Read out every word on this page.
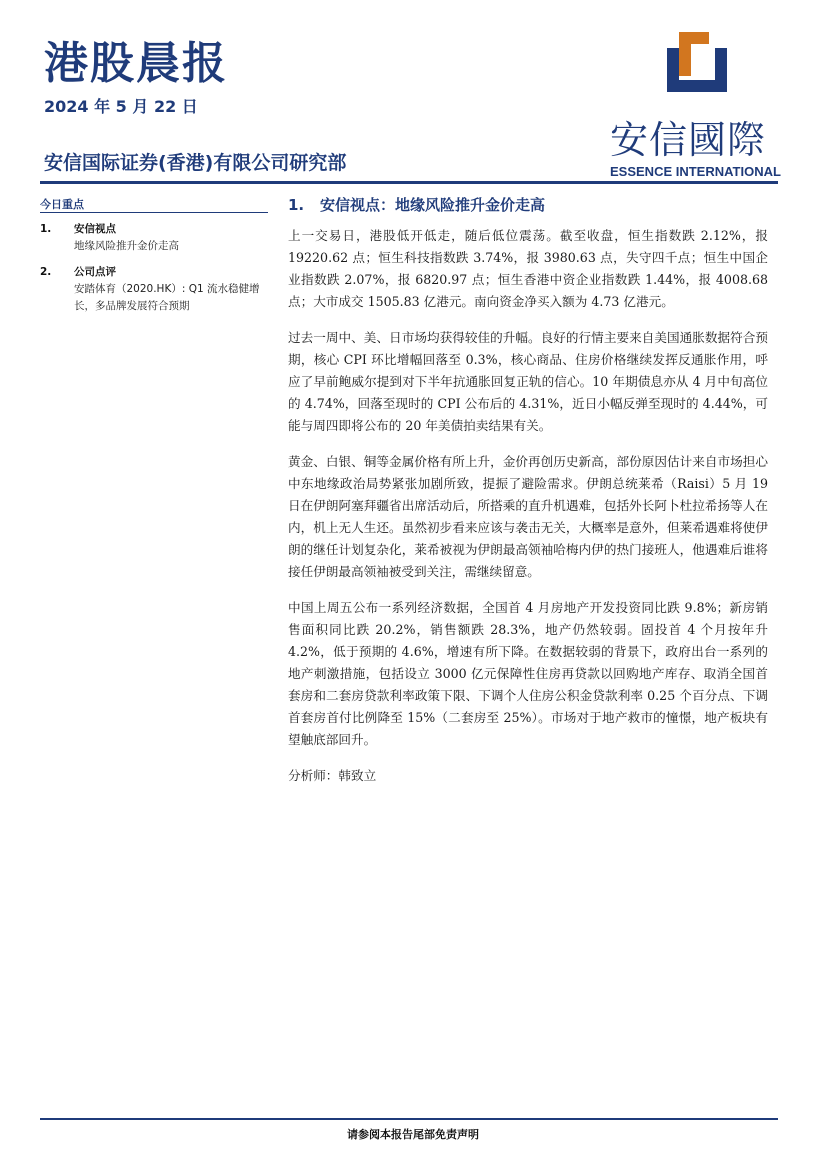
港股晨报
2024 年 5 月 22 日
安信国际证券(香港)有限公司研究部
安信國際
ESSENCE INTERNATIONAL
今日重点
1. 安信视点
地缘风险推升金价走高
2. 公司点评
安踏体育（2020.HK）: Q1 流水稳健增长，多品牌发展符合预期
1. 安信视点：地缘风险推升金价走高

上一交易日，港股低开低走，随后低位震荡。截至收盘，恒生指数跌 2.12%，报 19220.62 点；恒生科技指数跌 3.74%，报 3980.63 点，失守四千点；恒生中国企业指数跌 2.07%，报 6820.97 点；恒生香港中资企业指数跌 1.44%，报 4008.68 点；大市成交 1505.83 亿港元。南向资金净买入额为 4.73 亿港元。

过去一周中、美、日市场均获得较佳的升幅。良好的行情主要来自美国通胀数据符合预期，核心 CPI 环比增幅回落至 0.3%，核心商品、住房价格继续发挥反通胀作用，呼应了早前鲍威尔提到对下半年抗通胀回复正轨的信心。10 年期债息亦从 4 月中旬高位的 4.74%，回落至现时的 CPI 公布后的 4.31%，近日小幅反弹至现时的 4.44%，可能与周四即将公布的 20 年美债拍卖结果有关。

黄金、白银、铜等金属价格有所上升，金价再创历史新高，部份原因估计来自市场担心中东地缘政治局势紧张加剧所致，提振了避险需求。伊朗总统莱希（Raisi）5 月 19 日在伊朗阿塞拜疆省出席活动后，所搭乘的直升机遇难，包括外长阿卜杜拉希扬等人在内，机上无人生还。虽然初步看来应该与袭击无关，大概率是意外，但莱希遇难将使伊朗的继任计划复杂化，莱希被视为伊朗最高领袖哈梅内伊的热门接班人，他遇难后谁将接任伊朗最高领袖被受到关注，需继续留意。

中国上周五公布一系列经济数据，全国首 4 月房地产开发投资同比跌 9.8%；新房销售面积同比跌 20.2%，销售额跌 28.3%，地产仍然较弱。固投首 4 个月按年升 4.2%，低于预期的 4.6%，增速有所下降。在数据较弱的背景下，政府出台一系列的地产刺激措施，包括设立 3000 亿元保障性住房再贷款以回购地产库存、取消全国首套房和二套房贷款利率政策下限、下调个人住房公积金贷款利率 0.25 个百分点、下调首套房首付比例降至 15%（二套房至 25%）。市场对于地产救市的憧憬，地产板块有望触底部回升。

分析师：韩致立

请参阅本报告尾部免责声明
